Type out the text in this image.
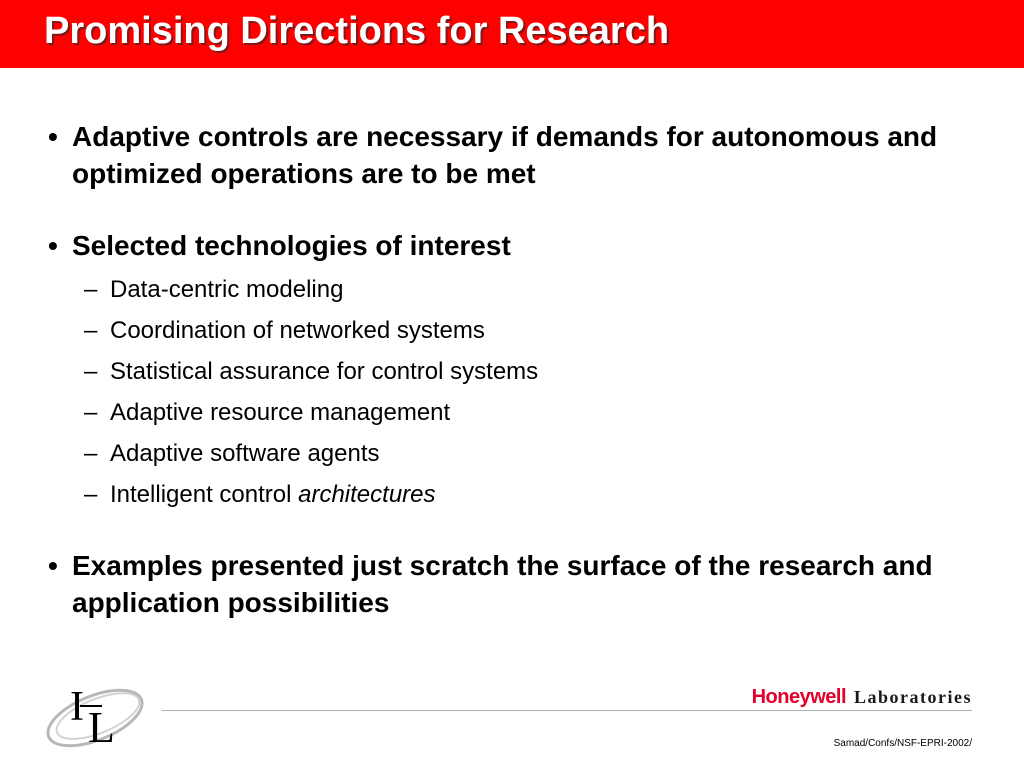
Promising Directions for Research
• Adaptive controls are necessary if demands for autonomous and optimized operations are to be met
• Selected technologies of interest
– Data-centric modeling
– Coordination of networked systems
– Statistical assurance for control systems
– Adaptive resource management
– Adaptive software agents
– Intelligent control architectures
• Examples presented just scratch the surface of the research and application possibilities
I L
Honeywell Laboratories
Samad/Confs/NSF-EPRI-2002/
